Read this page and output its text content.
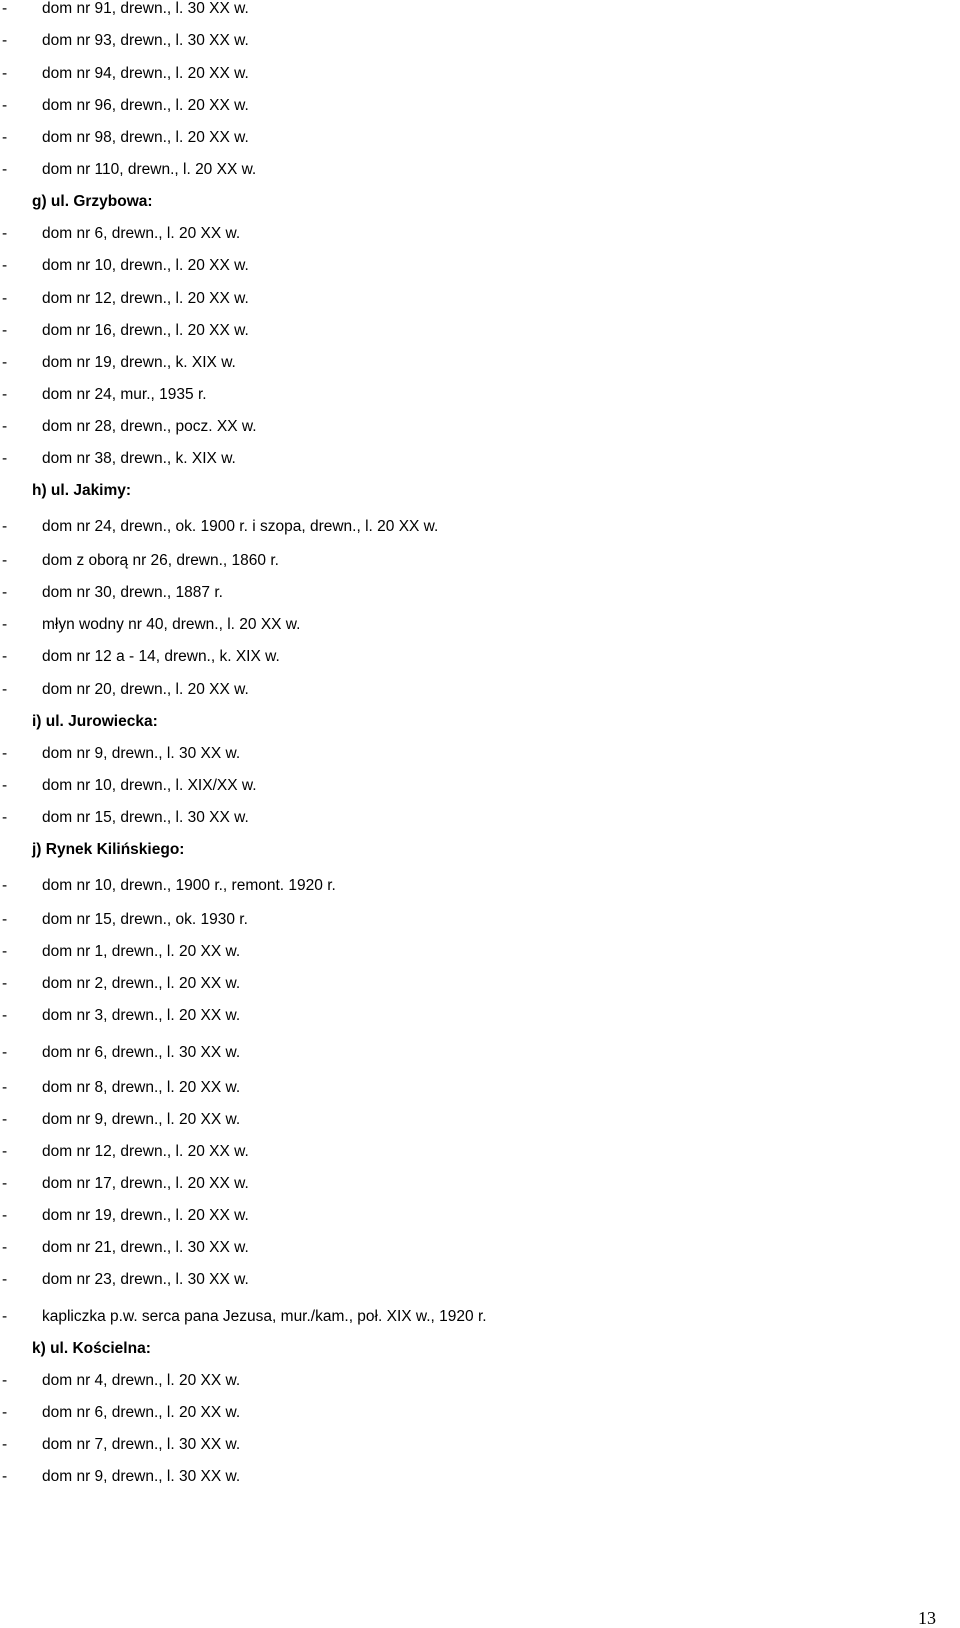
- dom nr 91, drewn., l. 30 XX w.
- dom nr 93, drewn., l. 30 XX w.
- dom nr 94, drewn., l. 20 XX w.
- dom nr 96, drewn., l. 20 XX w.
- dom nr 98, drewn., l. 20 XX w.
- dom nr 110, drewn., l. 20 XX w.
g) ul. Grzybowa:
- dom nr 6, drewn., l. 20 XX w.
- dom nr 10, drewn., l. 20 XX w.
- dom nr 12, drewn., l. 20 XX w.
- dom nr 16, drewn., l. 20 XX w.
- dom nr 19, drewn., k. XIX w.
- dom nr 24, mur., 1935 r.
- dom nr 28, drewn., pocz. XX w.
- dom nr 38, drewn., k. XIX w.
h) ul. Jakimy:
- dom nr 24, drewn., ok. 1900 r. i szopa, drewn., l. 20 XX w.
- dom z oborą nr 26, drewn., 1860 r.
- dom nr 30, drewn., 1887 r.
- młyn wodny nr 40, drewn., l. 20 XX w.
- dom nr 12 a - 14, drewn., k. XIX w.
- dom nr 20, drewn., l. 20 XX w.
i) ul. Jurowiecka:
- dom nr 9, drewn., l. 30 XX w.
- dom nr 10, drewn., l. XIX/XX w.
- dom nr 15, drewn., l. 30 XX w.
j) Rynek Kilińskiego:
- dom nr 10, drewn., 1900 r., remont. 1920 r.
- dom nr 15, drewn., ok. 1930 r.
- dom nr 1, drewn., l. 20 XX w.
- dom nr 2, drewn., l. 20 XX w.
- dom nr 3, drewn., l. 20 XX w.
- dom nr 6, drewn., l. 30 XX w.
- dom nr 8, drewn., l. 20 XX w.
- dom nr 9, drewn., l. 20 XX w.
- dom nr 12, drewn., l. 20 XX w.
- dom nr 17, drewn., l. 20 XX w.
- dom nr 19, drewn., l. 20 XX w.
- dom nr 21, drewn., l. 30 XX w.
- dom nr 23, drewn., l. 30 XX w.
- kapliczka p.w. serca pana Jezusa, mur./kam., poł. XIX w., 1920 r.
k) ul. Kościelna:
- dom nr 4, drewn., l. 20 XX w.
- dom nr 6, drewn., l. 20 XX w.
- dom nr 7, drewn., l. 30 XX w.
- dom nr 9, drewn., l. 30 XX w.
13
